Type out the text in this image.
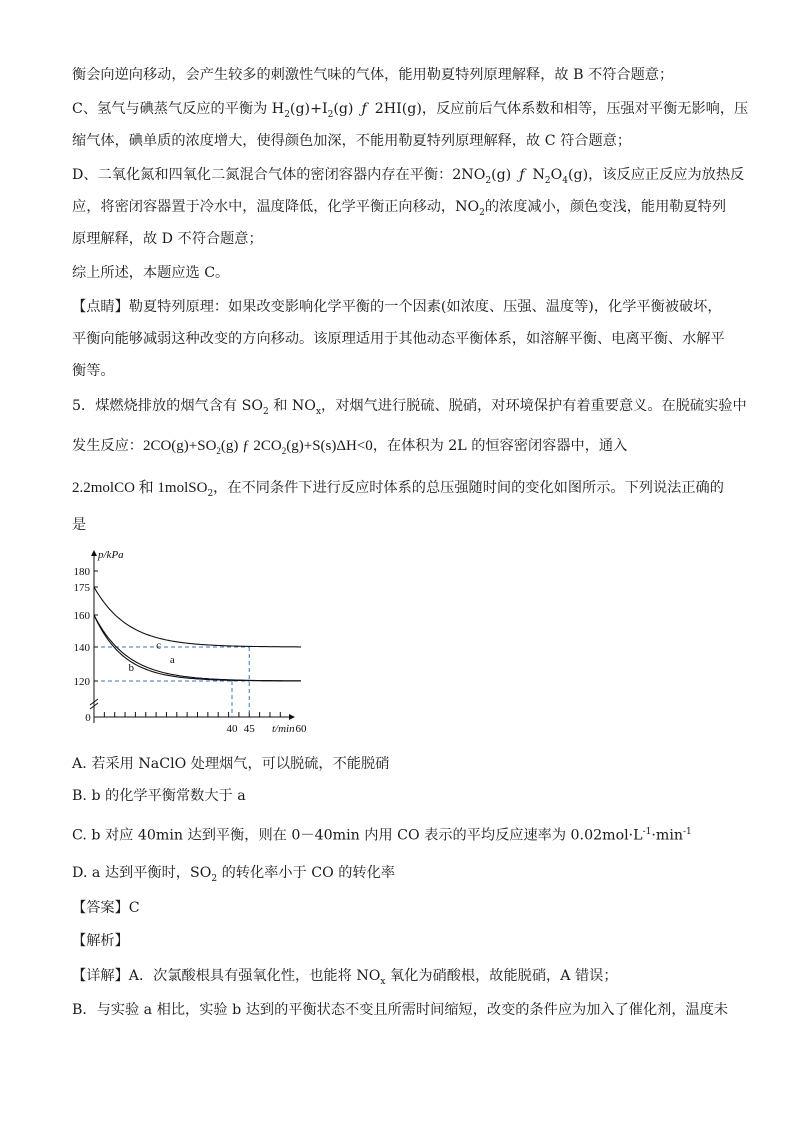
衡会向逆向移动，会产生较多的刺激性气味的气体，能用勒夏特列原理解释，故 B 不符合题意；
C、氢气与碘蒸气反应的平衡为 $H_2(g)+I_2(g)$ ƒ 2HI(g)，反应前后气体系数和相等，压强对平衡无影响，压
缩气体，碘单质的浓度增大，使得颜色加深，不能用勒夏特列原理解释，故 C 符合题意；
D、二氧化氮和四氧化二氮混合气体的密闭容器内存在平衡：$2NO_2(g)$ ƒ $N_2O_4(g)$，该反应正反应为放热反
应，将密闭容器置于冷水中，温度降低，化学平衡正向移动，$NO_2$的浓度减小，颜色变浅，能用勒夏特列
原理解释，故 D 不符合题意；
综上所述，本题应选 C。
【点睛】勒夏特列原理：如果改变影响化学平衡的一个因素(如浓度、压强、温度等)，化学平衡被破坏，
平衡向能够减弱这种改变的方向移动。该原理适用于其他动态平衡体系，如溶解平衡、电离平衡、水解平
衡等。
5．煤燃烧排放的烟气含有 $SO_2$ 和 $NO_x$，对烟气进行脱硫、脱硝，对环境保护有着重要意义。在脱硫实验中
发生反应：$2CO(g)+SO_2(g)$ ƒ $2CO_2(g)+S(s)\Delta H<0$，在体积为 2L 的恒容密闭容器中，通入
2.2molCO 和 1molSO$_2$，在不同条件下进行反应时体系的总压强随时间的变化如图所示。下列说法正确的
是
c
a
b
180
175
160
140
120
40 45	60
0
p/kPa
t/min
A. 若采用 NaClO 处理烟气，可以脱硫，不能脱硝
B. b 的化学平衡常数大于 a
C. b 对应 40min 达到平衡，则在 0－40min 内用 CO 表示的平均反应速率为 $0.02mol\cdot L^{-1}\cdot\min^{-1}$
D. a 达到平衡时，$SO_2$ 的转化率小于 CO 的转化率
【答案】C
【解析】
【详解】A．次氯酸根具有强氧化性，也能将 $NO_x$ 氧化为硝酸根，故能脱硝，A 错误；
B．与实验 a 相比，实验 b 达到的平衡状态不变且所需时间缩短，改变的条件应为加入了催化剂，温度未
